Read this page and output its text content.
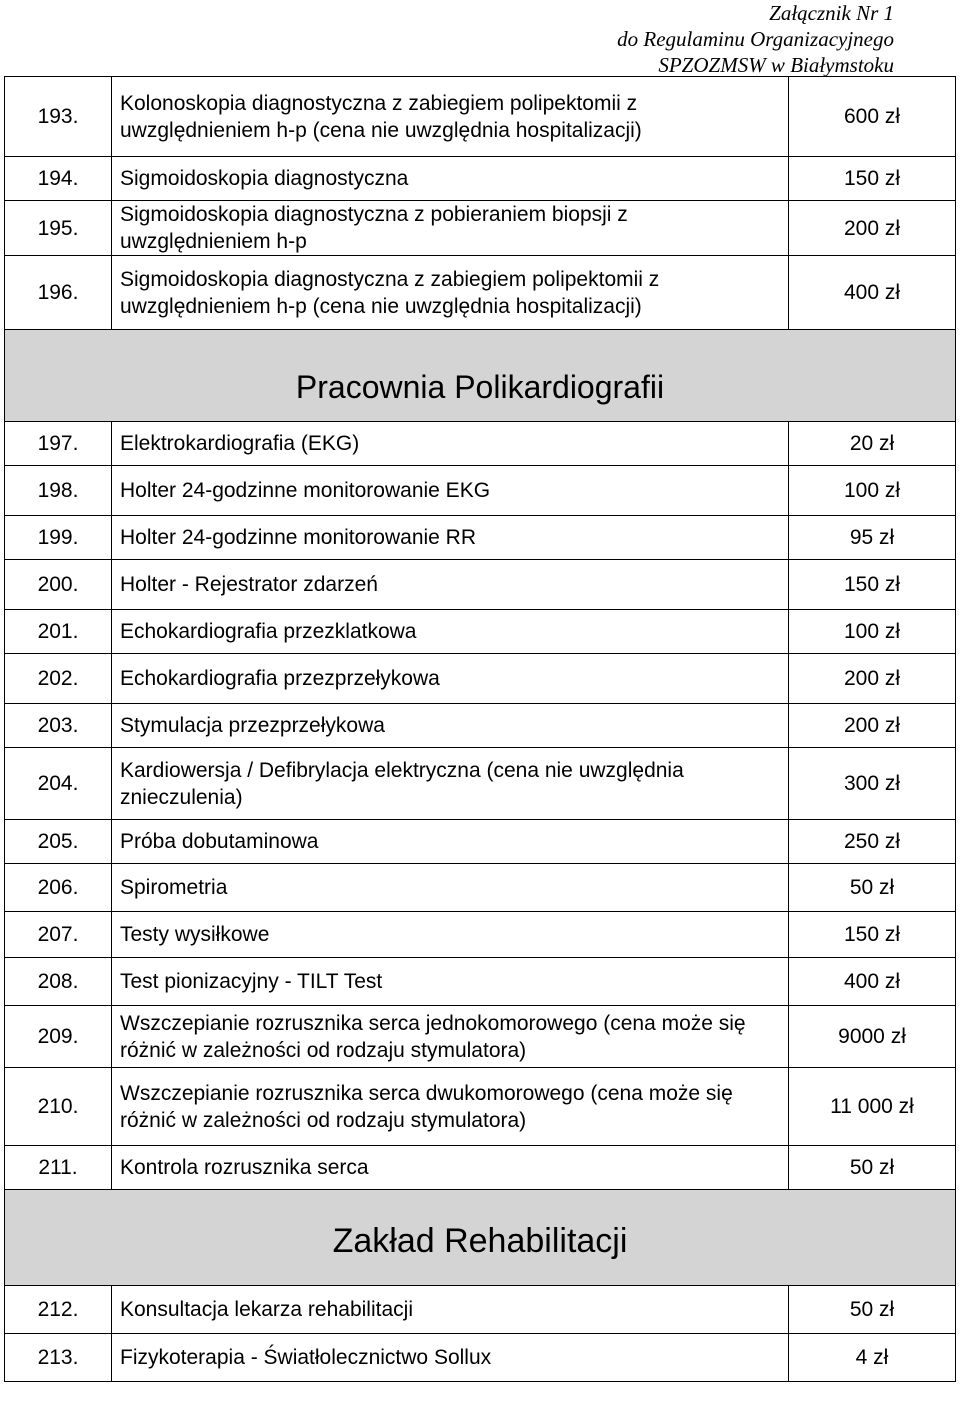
Załącznik Nr 1
do Regulaminu Organizacyjnego
SPZOZMSW w Białymstoku
193.	Kolonoskopia diagnostyczna z zabiegiem polipektomii z uwzględnieniem h-p (cena nie uwzględnia hospitalizacji)	600 zł
194.	Sigmoidoskopia diagnostyczna	150 zł
195.	Sigmoidoskopia diagnostyczna z pobieraniem biopsji z uwzględnieniem h-p	200 zł
196.	Sigmoidoskopia diagnostyczna z zabiegiem polipektomii z uwzględnieniem h-p (cena nie uwzględnia hospitalizacji)	400 zł

Pracownia Polikardiografii		

197.	Elektrokardiografia (EKG)	20 zł
198.	Holter 24-godzinne monitorowanie EKG	100 zł
199.	Holter 24-godzinne monitorowanie RR	95 zł
200.	Holter - Rejestrator zdarzeń	150 zł
201.	Echokardiografia przezklatkowa	100 zł
202.	Echokardiografia przezprzełykowa	200 zł
203.	Stymulacja przezprzełykowa	200 zł
204.	Kardiowersja / Defibrylacja elektryczna (cena nie uwzględnia znieczulenia)	300 zł
205.	Próba dobutaminowa	250 zł
206.	Spirometria	50 zł
207.	Testy wysiłkowe	150 zł
208.	Test pionizacyjny - TILT Test	400 zł
209.	Wszczepianie rozrusznika serca jednokomorowego (cena może się różnić w zależności od rodzaju stymulatora)	9000 zł
210.	Wszczepianie rozrusznika serca dwukomorowego (cena może się różnić w zależności od rodzaju stymulatora)	11 000 zł
211.	Kontrola rozrusznika serca	50 zł

Zakład Rehabilitacji		

212.	Konsultacja lekarza rehabilitacji	50 zł
213.	Fizykoterapia - Światłolecznictwo Sollux	4 zł
